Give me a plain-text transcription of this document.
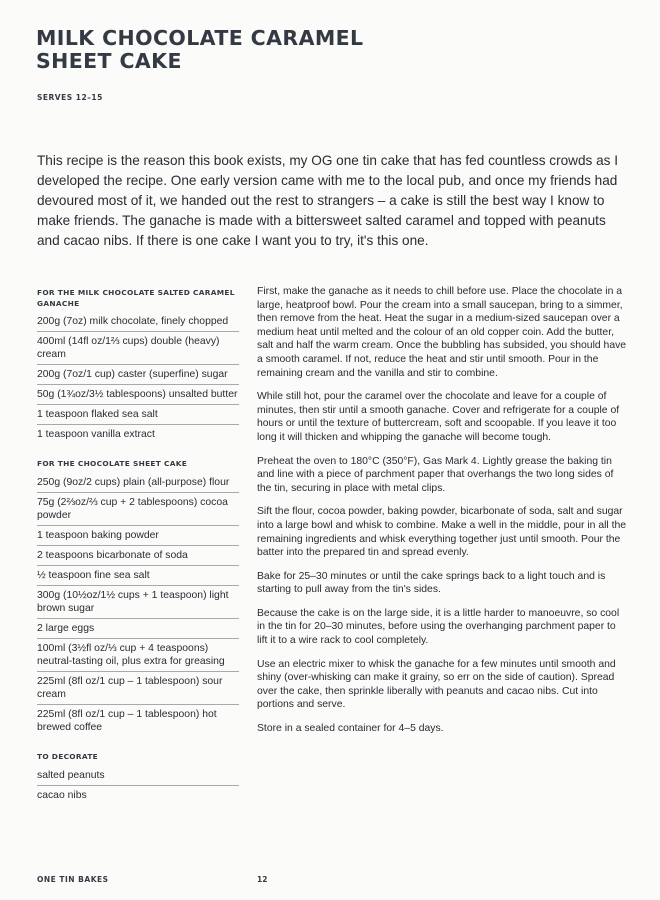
MILK CHOCOLATE CARAMEL
SHEET CAKE
SERVES 12–15

This recipe is the reason this book exists, my OG one tin cake that has fed countless crowds as I developed the recipe. One early version came with me to the local pub, and once my friends had devoured most of it, we handed out the rest to strangers – a cake is still the best way I know to make friends. The ganache is made with a bittersweet salted caramel and topped with peanuts and cacao nibs. If there is one cake I want you to try, it's this one.

FOR THE MILK CHOCOLATE SALTED CARAMEL GANACHE
200g (7oz) milk chocolate, finely chopped
400ml (14fl oz/1⅔ cups) double (heavy) cream
200g (7oz/1 cup) caster (superfine) sugar
50g (1¾oz/3½ tablespoons) unsalted butter
1 teaspoon flaked sea salt
1 teaspoon vanilla extract
FOR THE CHOCOLATE SHEET CAKE
250g (9oz/2 cups) plain (all-purpose) flour
75g (2⅔oz/⅔ cup + 2 tablespoons) cocoa powder
1 teaspoon baking powder
2 teaspoons bicarbonate of soda
½ teaspoon fine sea salt
300g (10½oz/1½ cups + 1 teaspoon) light brown sugar
2 large eggs
100ml (3½fl oz/⅓ cup + 4 teaspoons) neutral-tasting oil, plus extra for greasing
225ml (8fl oz/1 cup – 1 tablespoon) sour cream
225ml (8fl oz/1 cup – 1 tablespoon) hot brewed coffee
TO DECORATE
salted peanuts
cacao nibs

First, make the ganache as it needs to chill before use. Place the chocolate in a large, heatproof bowl. Pour the cream into a small saucepan, bring to a simmer, then remove from the heat. Heat the sugar in a medium-sized saucepan over a medium heat until melted and the colour of an old copper coin. Add the butter, salt and half the warm cream. Once the bubbling has subsided, you should have a smooth caramel. If not, reduce the heat and stir until smooth. Pour in the remaining cream and the vanilla and stir to combine.

While still hot, pour the caramel over the chocolate and leave for a couple of minutes, then stir until a smooth ganache. Cover and refrigerate for a couple of hours or until the texture of buttercream, soft and scoopable. If you leave it too long it will thicken and whipping the ganache will become tough.

Preheat the oven to 180°C (350°F), Gas Mark 4. Lightly grease the baking tin and line with a piece of parchment paper that overhangs the two long sides of the tin, securing in place with metal clips.

Sift the flour, cocoa powder, baking powder, bicarbonate of soda, salt and sugar into a large bowl and whisk to combine. Make a well in the middle, pour in all the remaining ingredients and whisk everything together just until smooth. Pour the batter into the prepared tin and spread evenly.

Bake for 25–30 minutes or until the cake springs back to a light touch and is starting to pull away from the tin's sides.

Because the cake is on the large side, it is a little harder to manoeuvre, so cool in the tin for 20–30 minutes, before using the overhanging parchment paper to lift it to a wire rack to cool completely.

Use an electric mixer to whisk the ganache for a few minutes until smooth and shiny (over-whisking can make it grainy, so err on the side of caution). Spread over the cake, then sprinkle liberally with peanuts and cacao nibs. Cut into portions and serve.

Store in a sealed container for 4–5 days.

ONE TIN BAKES	12
